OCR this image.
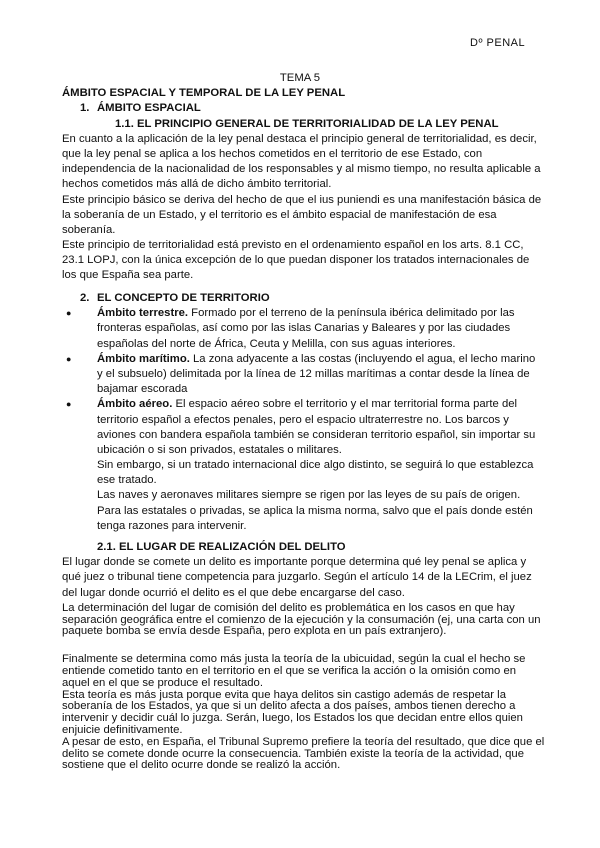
Dº PENAL
TEMA 5
ÁMBITO ESPACIAL Y TEMPORAL DE LA LEY PENAL
1. ÁMBITO ESPACIAL
1.1. EL PRINCIPIO GENERAL DE TERRITORIALIDAD DE LA LEY PENAL
En cuanto a la aplicación de la ley penal destaca el principio general de territorialidad, es decir,
que la ley penal se aplica a los hechos cometidos en el territorio de ese Estado, con
independencia de la nacionalidad de los responsables y al mismo tiempo, no resulta aplicable a
hechos cometidos más allá de dicho ámbito territorial.
Este principio básico se deriva del hecho de que el ius puniendi es una manifestación básica de
la soberanía de un Estado, y el territorio es el ámbito espacial de manifestación de esa
soberanía.
Este principio de territorialidad está previsto en el ordenamiento español en los arts. 8.1 CC,
23.1 LOPJ, con la única excepción de lo que puedan disponer los tratados internacionales de
los que España sea parte.
2. EL CONCEPTO DE TERRITORIO
● Ámbito terrestre. Formado por el terreno de la península ibérica delimitado por las
fronteras españolas, así como por las islas Canarias y Baleares y por las ciudades
españolas del norte de África, Ceuta y Melilla, con sus aguas interiores.
● Ámbito marítimo. La zona adyacente a las costas (incluyendo el agua, el lecho marino
y el subsuelo) delimitada por la línea de 12 millas marítimas a contar desde la línea de
bajamar escorada
● Ámbito aéreo. El espacio aéreo sobre el territorio y el mar territorial forma parte del
territorio español a efectos penales, pero el espacio ultraterrestre no. Los barcos y
aviones con bandera española también se consideran territorio español, sin importar su
ubicación o si son privados, estatales o militares.
Sin embargo, si un tratado internacional dice algo distinto, se seguirá lo que establezca
ese tratado.
Las naves y aeronaves militares siempre se rigen por las leyes de su país de origen.
Para las estatales o privadas, se aplica la misma norma, salvo que el país donde estén
tenga razones para intervenir.
2.1. EL LUGAR DE REALIZACIÓN DEL DELITO
El lugar donde se comete un delito es importante porque determina qué ley penal se aplica y
qué juez o tribunal tiene competencia para juzgarlo. Según el artículo 14 de la LECrim, el juez
del lugar donde ocurrió el delito es el que debe encargarse del caso.
La determinación del lugar de comisión del delito es problemática en los casos en que hay
separación geográfica entre el comienzo de la ejecución y la consumación (ej, una carta con un
paquete bomba se envía desde España, pero explota en un país extranjero).
Finalmente se determina como más justa la teoría de la ubicuidad, según la cual el hecho se
entiende cometido tanto en el territorio en el que se verifica la acción o la omisión como en
aquel en el que se produce el resultado.
Esta teoría es más justa porque evita que haya delitos sin castigo además de respetar la
soberanía de los Estados, ya que si un delito afecta a dos países, ambos tienen derecho a
intervenir y decidir cuál lo juzga. Serán, luego, los Estados los que decidan entre ellos quien
enjuicie definitivamente.
A pesar de esto, en España, el Tribunal Supremo prefiere la teoría del resultado, que dice que el
delito se comete donde ocurre la consecuencia. También existe la teoría de la actividad, que
sostiene que el delito ocurre donde se realizó la acción.
